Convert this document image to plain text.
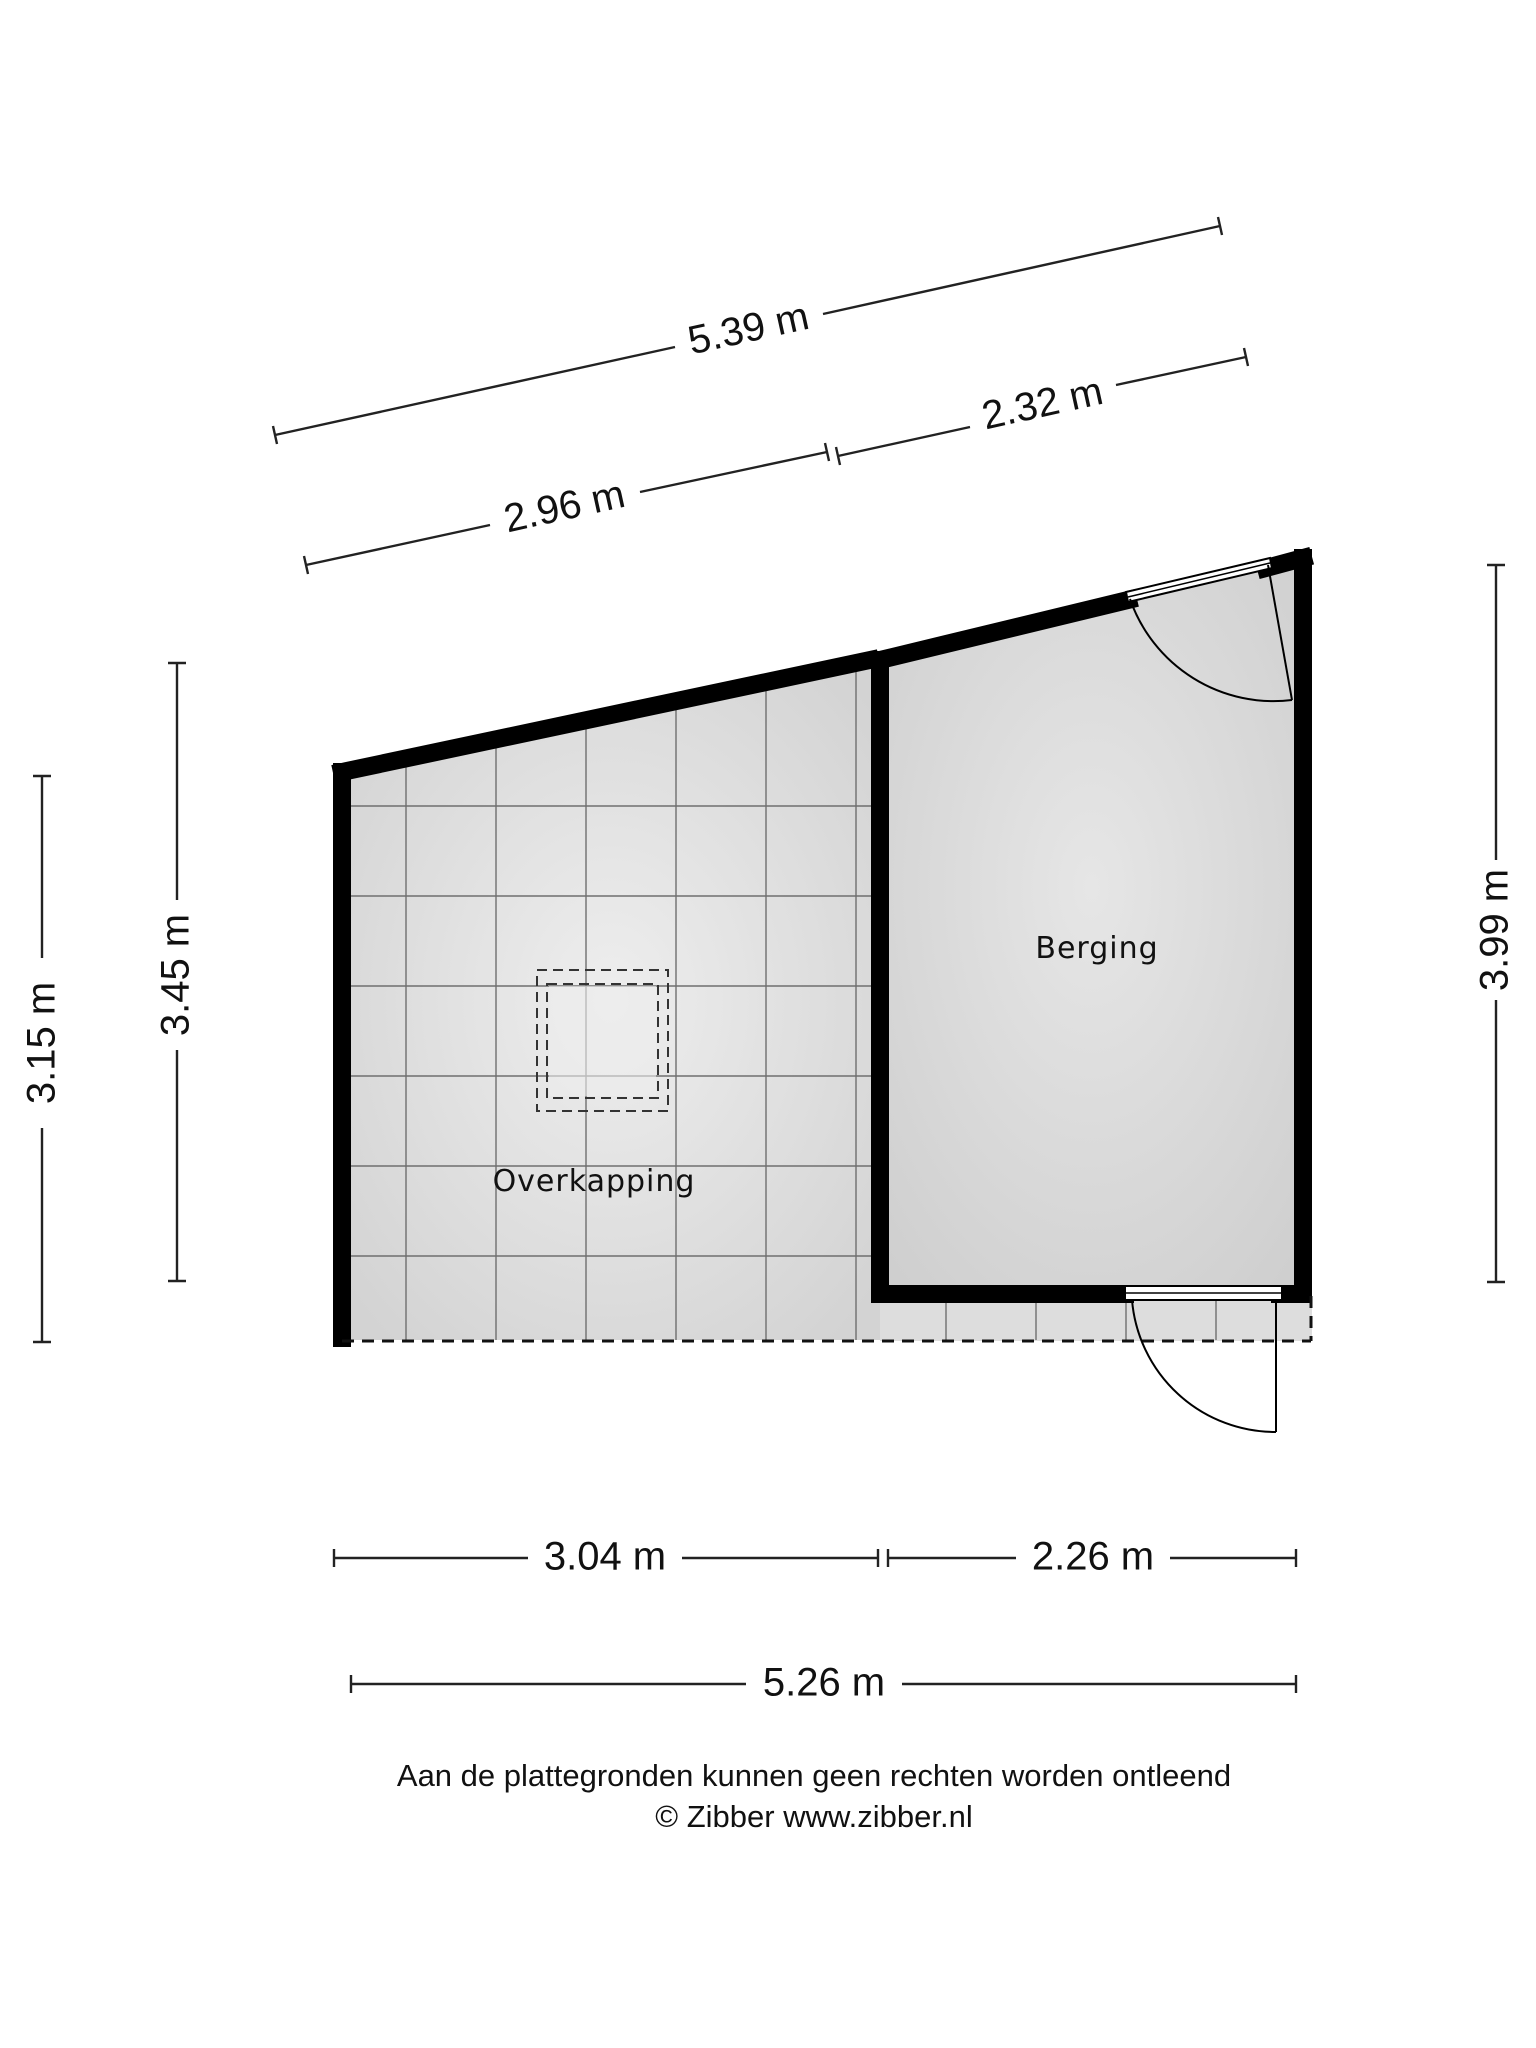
Overkapping
Berging
5.39 m
2.96 m
2.32 m
3.15 m
3.45 m	3.99 m
3.04 m	2.26 m
5.26 m
Aan de plattegronden kunnen geen rechten worden ontleend
© Zibber www.zibber.nl
